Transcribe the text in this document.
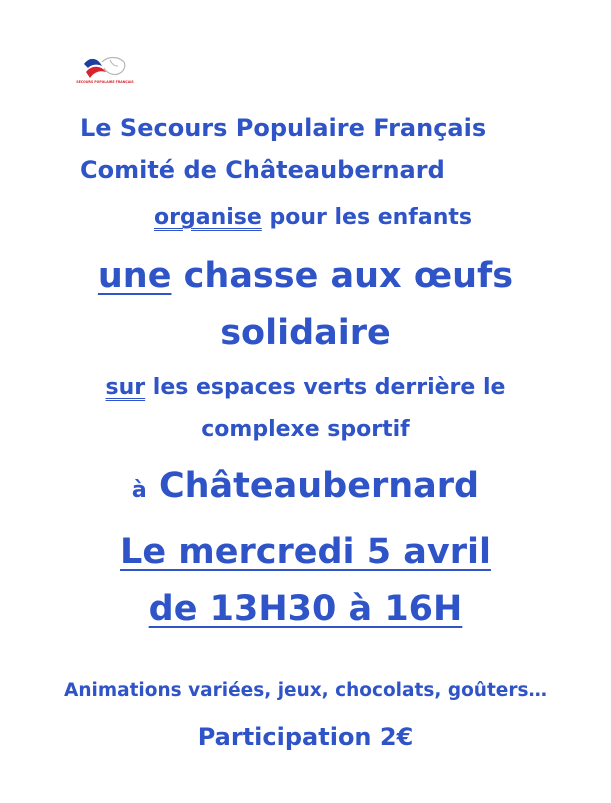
SECOURS POPULAIRE FRANÇAIS

Le Secours Populaire Français

Comité de Châteaubernard

organise pour les enfants

une chasse aux œufs

solidaire

sur les espaces verts derrière le

complexe sportif

à Châteaubernard

Le mercredi 5 avril

de 13H30 à 16H

Animations variées, jeux, chocolats, goûters…

Participation 2€
